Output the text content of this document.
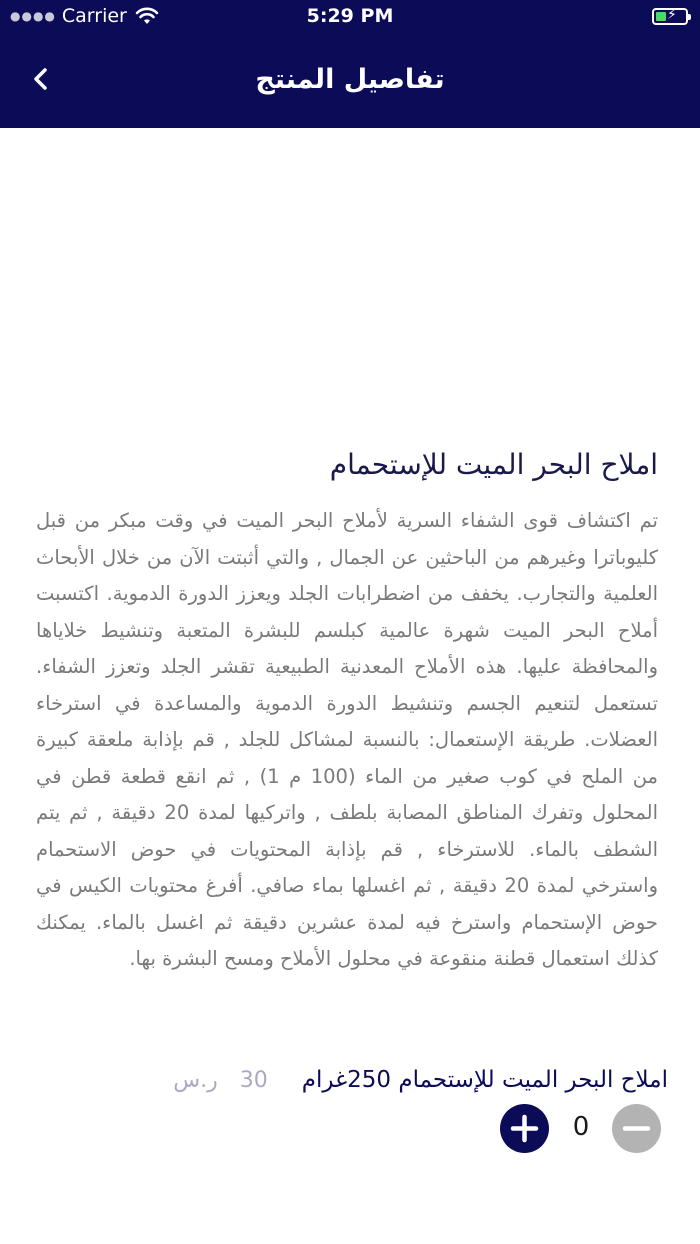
●●●● Carrier	5:29 PM	⚡
تفاصيل المنتج
املاح البحر الميت للإستحمام
تم اكتشاف قوى الشفاء السرية لأملاح البحر الميت في وقت مبكر من قبل كليوباترا وغيرهم من الباحثين عن الجمال , والتي أثبتت الآن من خلال الأبحاث العلمية والتجارب. يخفف من اضطرابات الجلد ويعزز الدورة الدموية. اكتسبت أملاح البحر الميت شهرة عالمية كبلسم للبشرة المتعبة وتنشيط خلاياها والمحافظة عليها. هذه الأملاح المعدنية الطبيعية تقشر الجلد وتعزز الشفاء. تستعمل لتنعيم الجسم وتنشيط الدورة الدموية والمساعدة في استرخاء العضلات. طريقة الإستعمال: بالنسبة لمشاكل للجلد , قم بإذابة ملعقة كبيرة من الملح في كوب صغير من الماء (100 م 1) , ثم انقع قطعة قطن في المحلول وتفرك المناطق المصابة بلطف , واتركيها لمدة 20 دقيقة , ثم يتم الشطف بالماء. للاسترخاء , قم بإذابة المحتويات في حوض الاستحمام واسترخي لمدة 20 دقيقة , ثم اغسلها بماء صافي. أفرغ محتويات الكيس في حوض الإستحمام واسترخ فيه لمدة عشرين دقيقة ثم اغسل بالماء. يمكنك كذلك استعمال قطنة منقوعة في محلول الأملاح ومسح البشرة بها.
املاح البحر الميت للإستحمام 250غرام
30
ر.س
0
